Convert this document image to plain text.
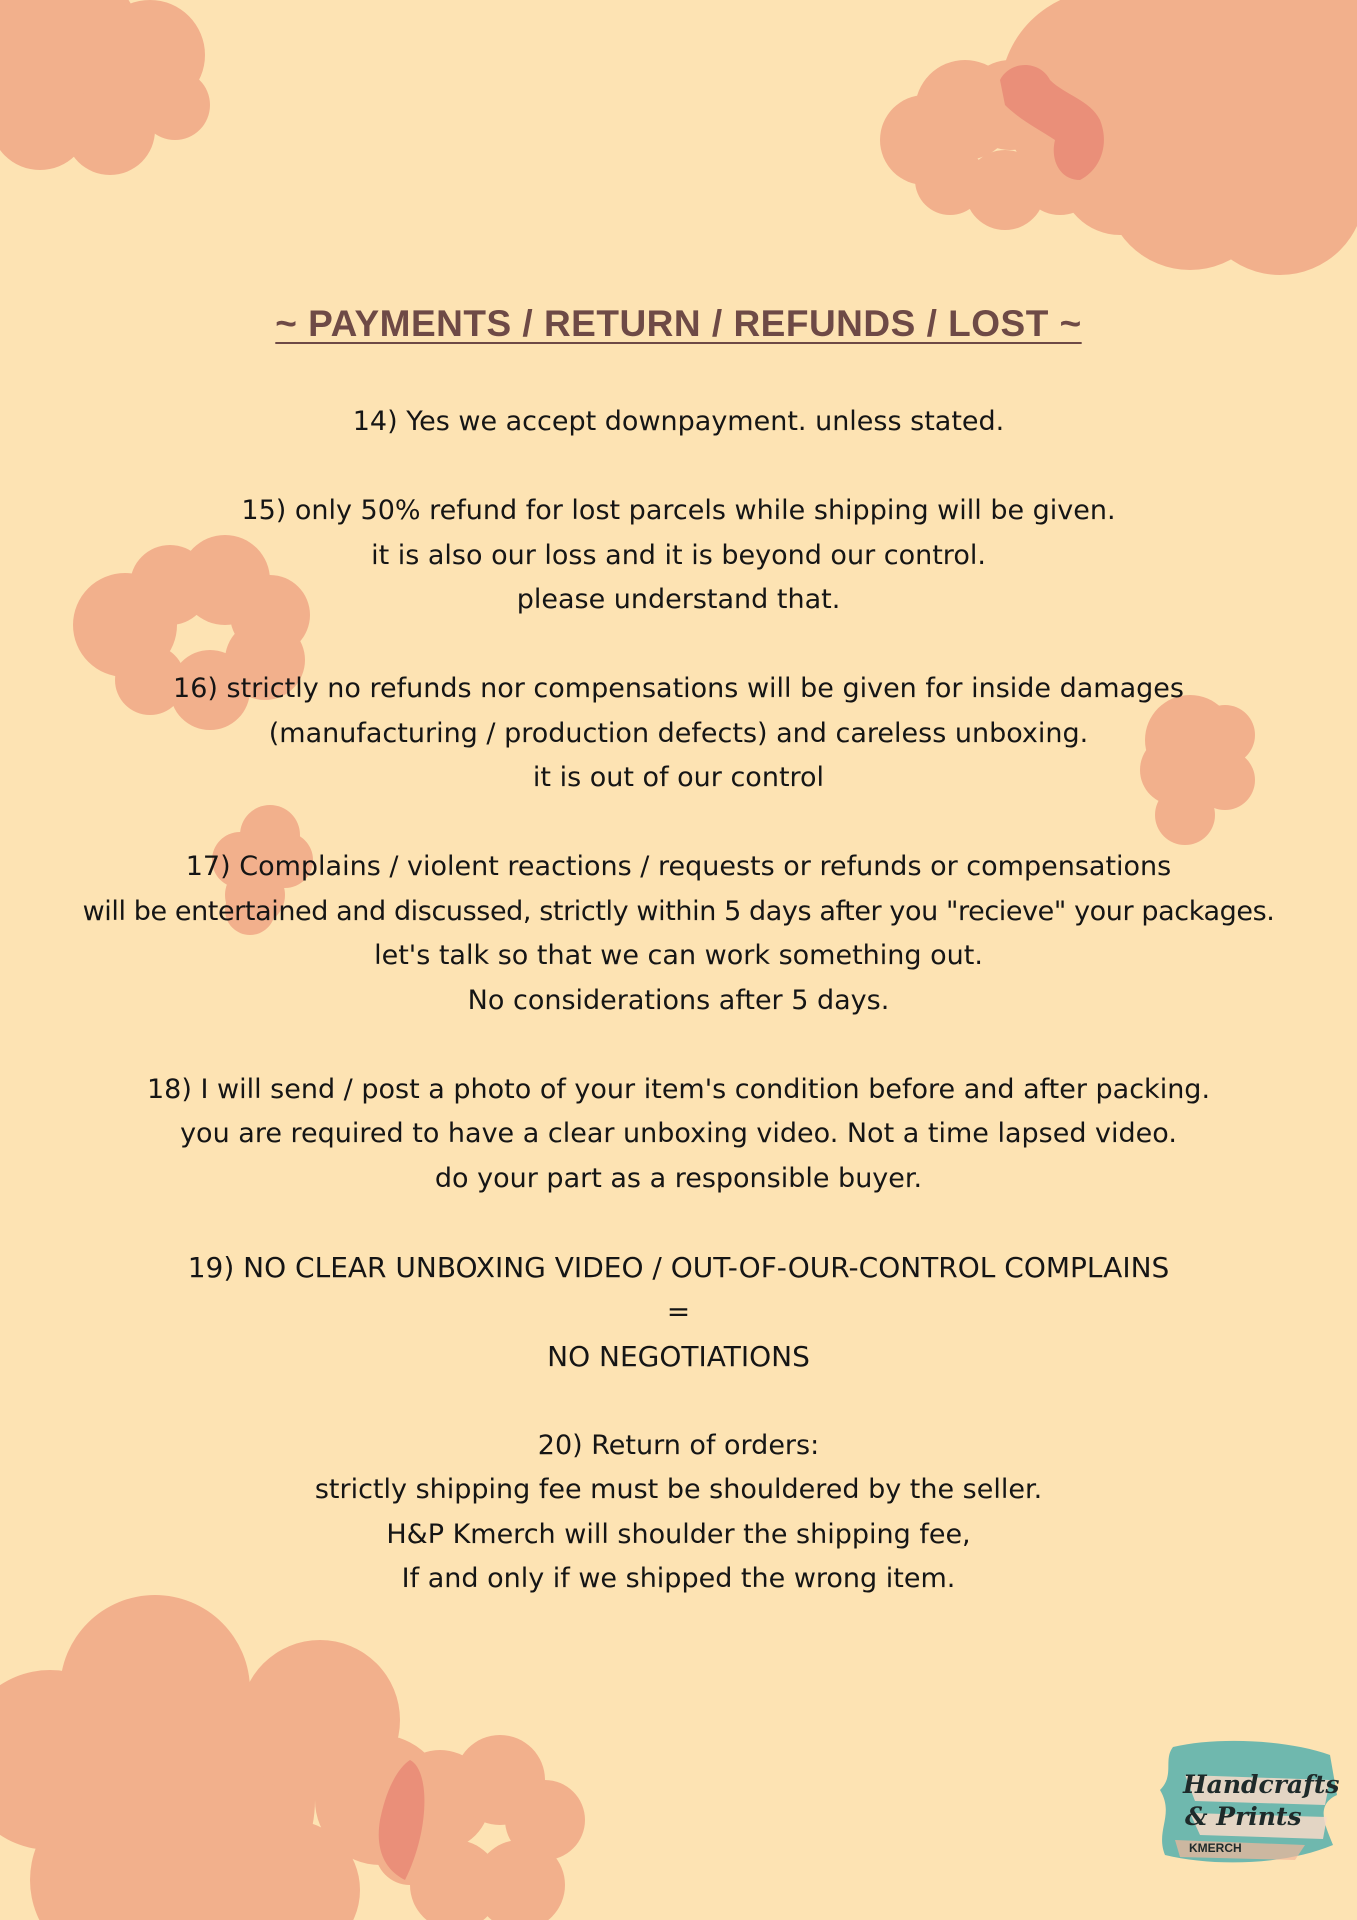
~ PAYMENTS / RETURN / REFUNDS / LOST ~
14) Yes we accept downpayment. unless stated.
15) only 50% refund for lost parcels while shipping will be given.
it is also our loss and it is beyond our control.
please understand that.
16) strictly no refunds nor compensations will be given for inside damages
(manufacturing / production defects) and careless unboxing.
it is out of our control
17) Complains / violent reactions / requests or refunds or compensations
will be entertained and discussed, strictly within 5 days after you "recieve" your packages.
let's talk so that we can work something out.
No considerations after 5 days.
18) I will send / post a photo of your item's condition before and after packing.
you are required to have a clear unboxing video. Not a time lapsed video.
do your part as a responsible buyer.
19) NO CLEAR UNBOXING VIDEO / OUT-OF-OUR-CONTROL COMPLAINS
=
NO NEGOTIATIONS
20) Return of orders:
strictly shipping fee must be shouldered by the seller.
H&P Kmerch will shoulder the shipping fee,
If and only if we shipped the wrong item.
Handcrafts
& Prints
KMERCH
